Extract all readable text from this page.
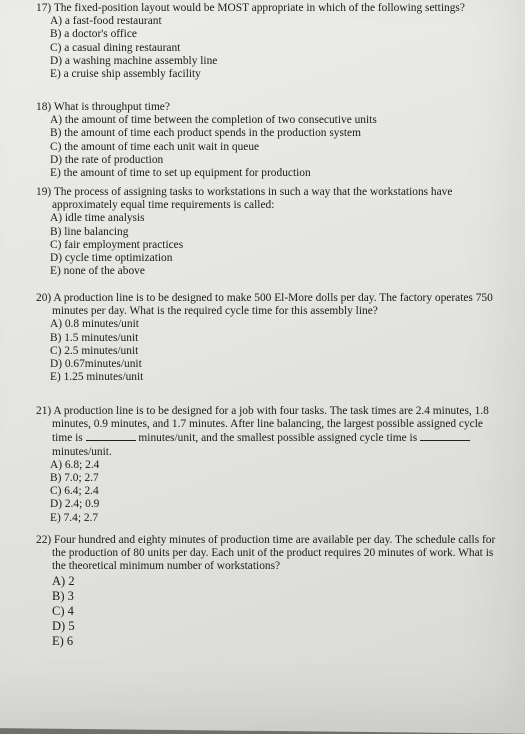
17) The fixed-position layout would be MOST appropriate in which of the following settings?
A) a fast-food restaurant
B) a doctor's office
C) a casual dining restaurant
D) a washing machine assembly line
E) a cruise ship assembly facility
18) What is throughput time?
A) the amount of time between the completion of two consecutive units
B) the amount of time each product spends in the production system
C) the amount of time each unit wait in queue
D) the rate of production
E) the amount of time to set up equipment for production
19) The process of assigning tasks to workstations in such a way that the workstations have approximately equal time requirements is called:
A) idle time analysis
B) line balancing
C) fair employment practices
D) cycle time optimization
E) none of the above
20) A production line is to be designed to make 500 El-More dolls per day. The factory operates 750 minutes per day. What is the required cycle time for this assembly line?
A) 0.8 minutes/unit
B) 1.5 minutes/unit
C) 2.5 minutes/unit
D) 0.67minutes/unit
E) 1.25 minutes/unit
21) A production line is to be designed for a job with four tasks. The task times are 2.4 minutes, 1.8 minutes, 0.9 minutes, and 1.7 minutes. After line balancing, the largest possible assigned cycle time is	minutes/unit, and the smallest possible assigned cycle time is  minutes/unit.
A) 6.8; 2.4
B) 7.0; 2.7
C) 6.4; 2.4
D) 2.4; 0.9
E) 7.4; 2.7
22) Four hundred and eighty minutes of production time are available per day. The schedule calls for the production of 80 units per day. Each unit of the product requires 20 minutes of work. What is the theoretical minimum number of workstations?
A) 2
B) 3
C) 4
D) 5
E) 6
